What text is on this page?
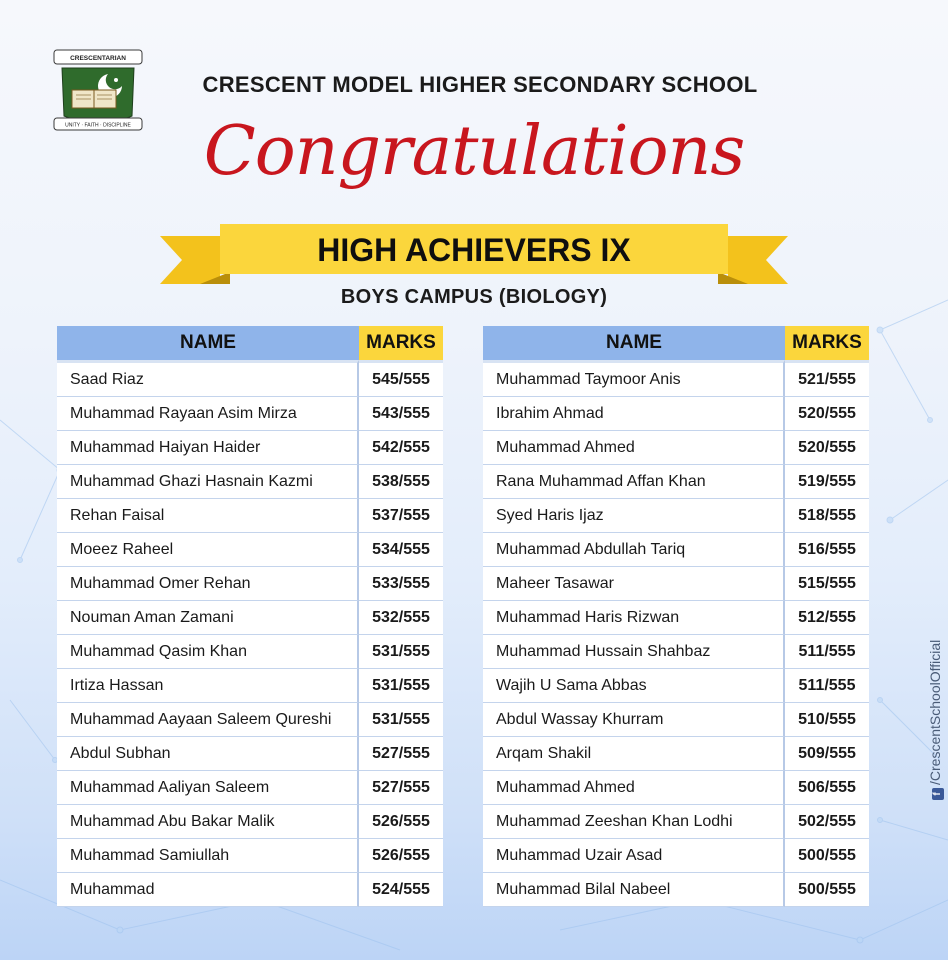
CRESCENTARIAN
UNITY · FAITH · DISCIPLINE
CRESCENT MODEL HIGHER SECONDARY SCHOOL
Congratulations
HIGH ACHIEVERS IX
BOYS CAMPUS (BIOLOGY)
NAME	MARKS
Saad Riaz	545/555
Muhammad Rayaan Asim Mirza	543/555
Muhammad Haiyan Haider	542/555
Muhammad Ghazi Hasnain Kazmi	538/555
Rehan Faisal	537/555
Moeez Raheel	534/555
Muhammad Omer Rehan	533/555
Nouman Aman Zamani	532/555
Muhammad Qasim Khan	531/555
Irtiza Hassan	531/555
Muhammad Aayaan Saleem Qureshi	531/555
Abdul Subhan	527/555
Muhammad Aaliyan Saleem	527/555
Muhammad Abu Bakar Malik	526/555
Muhammad Samiullah	526/555
Muhammad	524/555
NAME	MARKS
Muhammad Taymoor Anis	521/555
Ibrahim Ahmad	520/555
Muhammad Ahmed	520/555
Rana Muhammad Affan Khan	519/555
Syed Haris Ijaz	518/555
Muhammad Abdullah Tariq	516/555
Maheer Tasawar	515/555
Muhammad Haris Rizwan	512/555
Muhammad Hussain Shahbaz	511/555
Wajih U Sama Abbas	511/555
Abdul Wassay Khurram	510/555
Arqam Shakil	509/555
Muhammad Ahmed	506/555
Muhammad Zeeshan Khan Lodhi	502/555
Muhammad Uzair Asad	500/555
Muhammad Bilal Nabeel	500/555
f/CrescentSchoolOfficial
